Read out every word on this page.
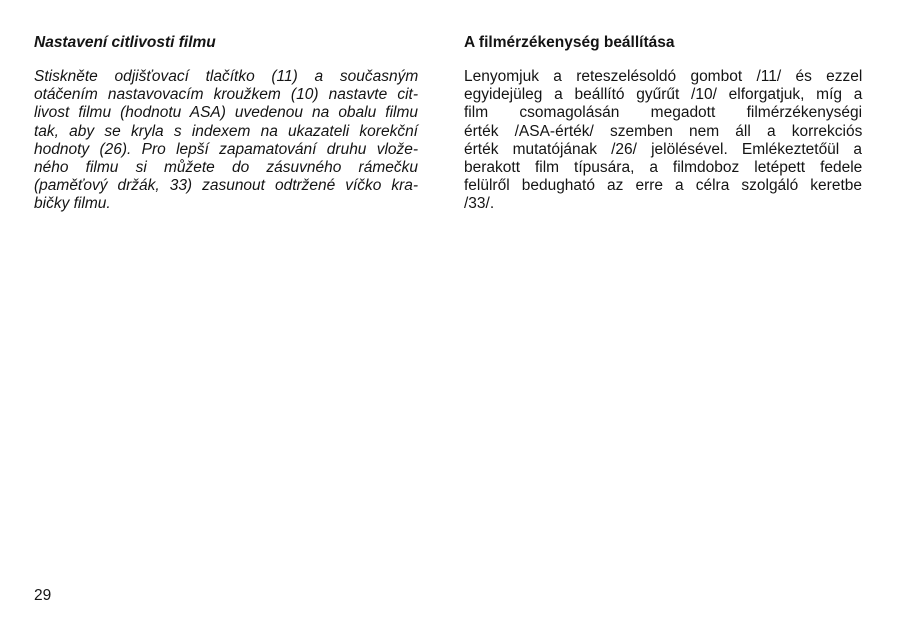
Nastavení citlivosti filmu
Stiskněte odjišťovací tlačítko (11) a současným
otáčením nastavovacím kroužkem (10) nastavte cit-
livost filmu (hodnotu ASA) uvedenou na obalu filmu
tak, aby se kryla s indexem na ukazateli korekční
hodnoty (26). Pro lepší zapamatování druhu vlože-
ného filmu si můžete do zásuvného rámečku
(paměťový držák, 33) zasunout odtržené víčko kra-
bičky filmu.
A filmérzékenység beállítása
Lenyomjuk a reteszelésoldó gombot /11/ és ezzel
egyidejüleg a beállító gyűrűt /10/ elforgatjuk, míg a
film csomagolásán megadott filmérzékenységi
érték /ASA-érték/ szemben nem áll a korrekciós
érték mutatójának /26/ jelölésével. Emlékeztetőül a
berakott film típusára, a filmdoboz letépett fedele
felülről bedugható az erre a célra szolgáló keretbe
/33/.

29
